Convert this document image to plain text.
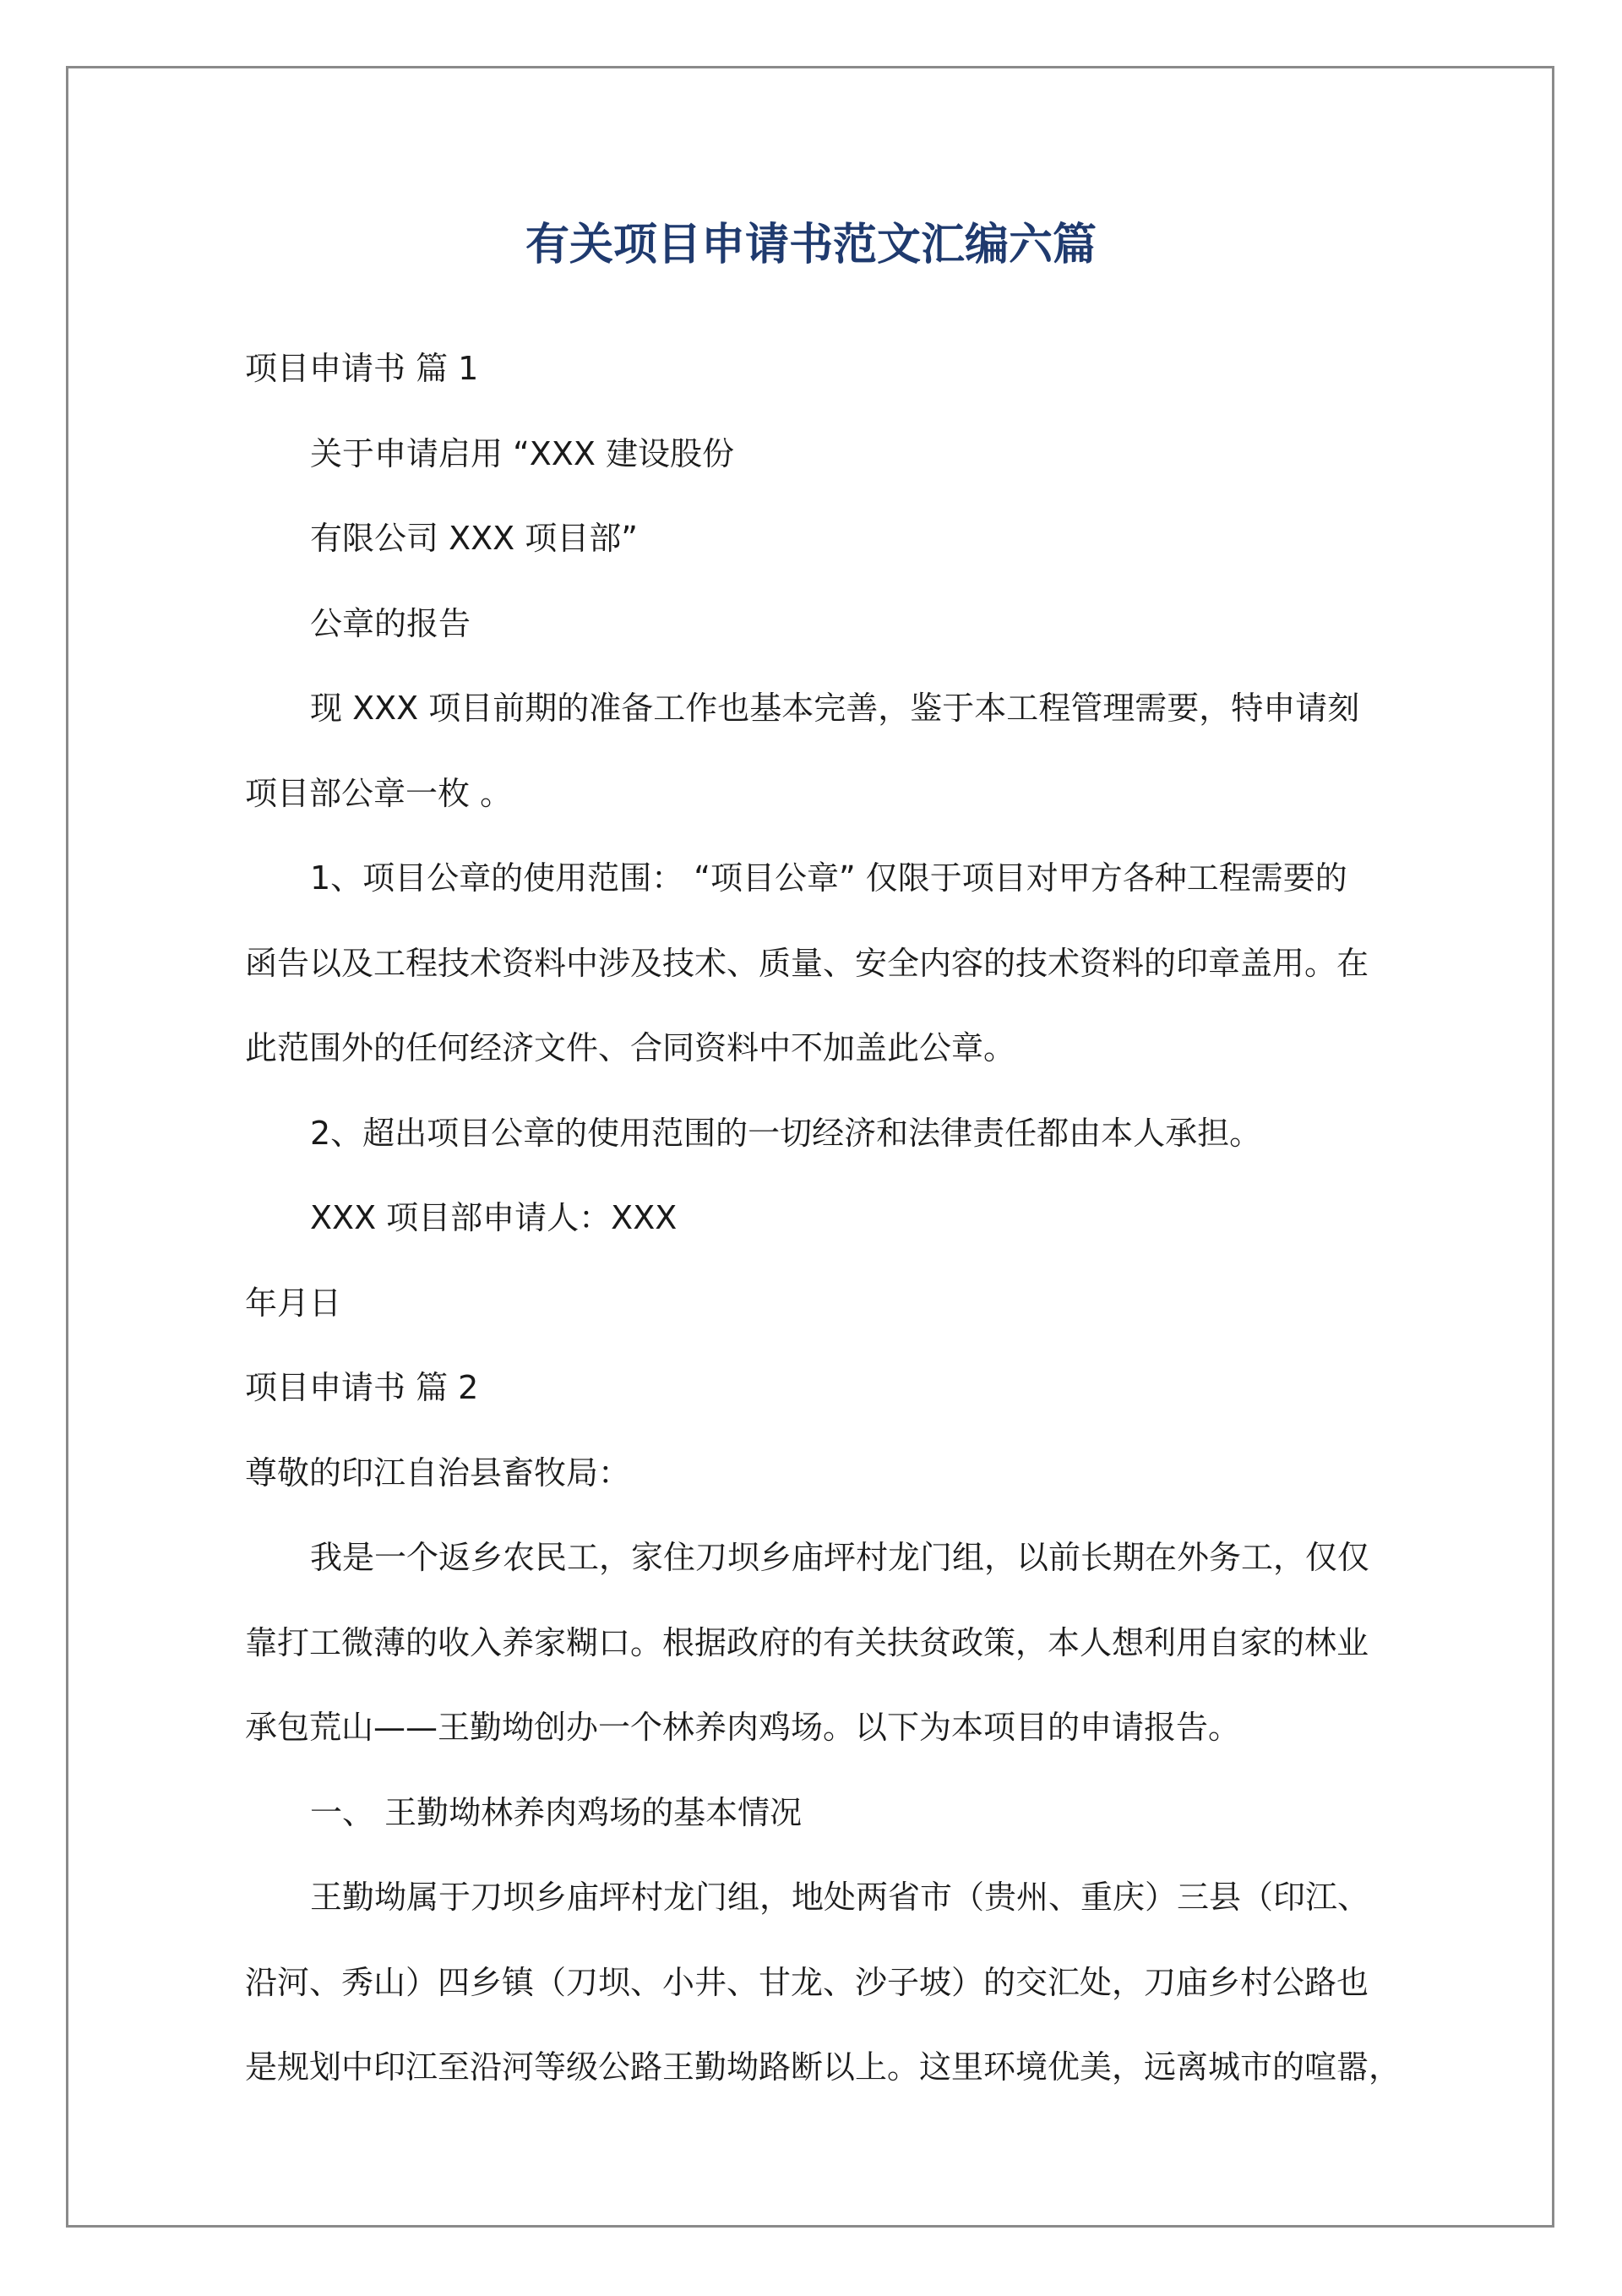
有关项目申请书范文汇编六篇

项目申请书 篇 1

关于申请启用 “XXX 建设股份

有限公司 XXX 项目部”

公章的报告

现 XXX 项目前期的准备工作也基本完善，鉴于本工程管理需要，特申请刻

项目部公章一枚 。

1、项目公章的使用范围： “项目公章” 仅限于项目对甲方各种工程需要的

函告以及工程技术资料中涉及技术、质量、安全内容的技术资料的印章盖用。在

此范围外的任何经济文件、合同资料中不加盖此公章。

2、超出项目公章的使用范围的一切经济和法律责任都由本人承担。

XXX 项目部申请人：XXX

年月日

项目申请书 篇 2

尊敬的印江自治县畜牧局：

我是一个返乡农民工，家住刀坝乡庙坪村龙门组，以前长期在外务工，仅仅

靠打工微薄的收入养家糊口。根据政府的有关扶贫政策，本人想利用自家的林业

承包荒山——王勤坳创办一个林养肉鸡场。以下为本项目的申请报告。

一、 王勤坳林养肉鸡场的基本情况

王勤坳属于刀坝乡庙坪村龙门组，地处两省市（贵州、重庆）三县（印江、

沿河、秀山）四乡镇（刀坝、小井、甘龙、沙子坡）的交汇处，刀庙乡村公路也

是规划中印江至沿河等级公路王勤坳路断以上。这里环境优美，远离城市的喧嚣，
